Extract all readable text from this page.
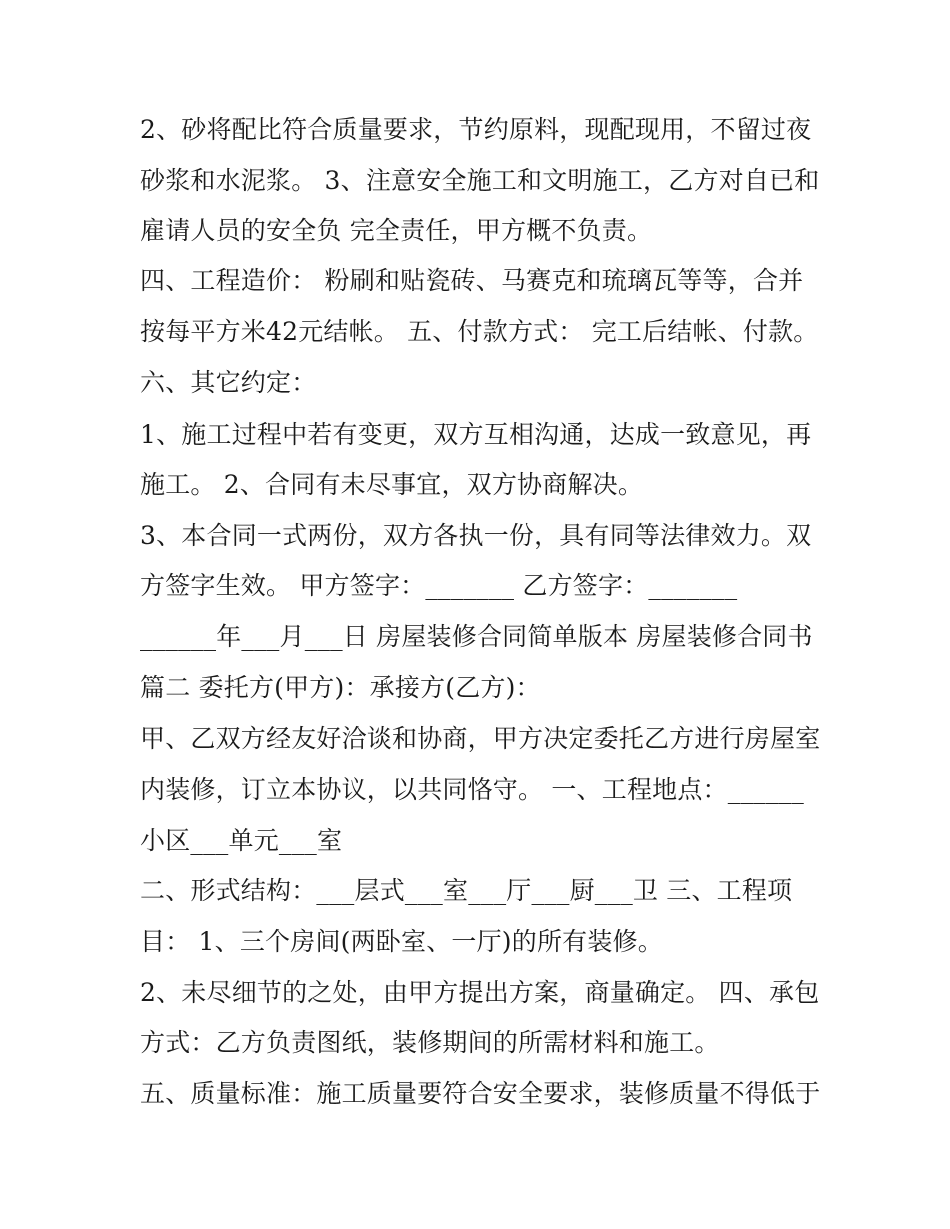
2、砂将配比符合质量要求，节约原料，现配现用，不留过夜
砂浆和水泥浆。 3、注意安全施工和文明施工，乙方对自已和
雇请人员的安全负 完全责任，甲方概不负责。
四、工程造价： 粉刷和贴瓷砖、马赛克和琉璃瓦等等，合并
按每平方米42元结帐。 五、付款方式： 完工后结帐、付款。
六、其它约定：
1、施工过程中若有变更，双方互相沟通，达成一致意见，再
施工。 2、合同有未尽事宜，双方协商解决。
3、本合同一式两份，双方各执一份，具有同等法律效力。双
方签字生效。 甲方签字：_______ 乙方签字：_______
______年___月___日 房屋装修合同简单版本 房屋装修合同书
篇二 委托方(甲方)：承接方(乙方)：
甲、乙双方经友好洽谈和协商，甲方决定委托乙方进行房屋室
内装修，订立本协议，以共同恪守。 一、工程地点：______
小区___单元___室
二、形式结构：___层式___室___厅___厨___卫 三、工程项
目： 1、三个房间(两卧室、一厅)的所有装修。
2、未尽细节的之处，由甲方提出方案，商量确定。 四、承包
方式：乙方负责图纸，装修期间的所需材料和施工。
五、质量标准：施工质量要符合安全要求，装修质量不得低于
